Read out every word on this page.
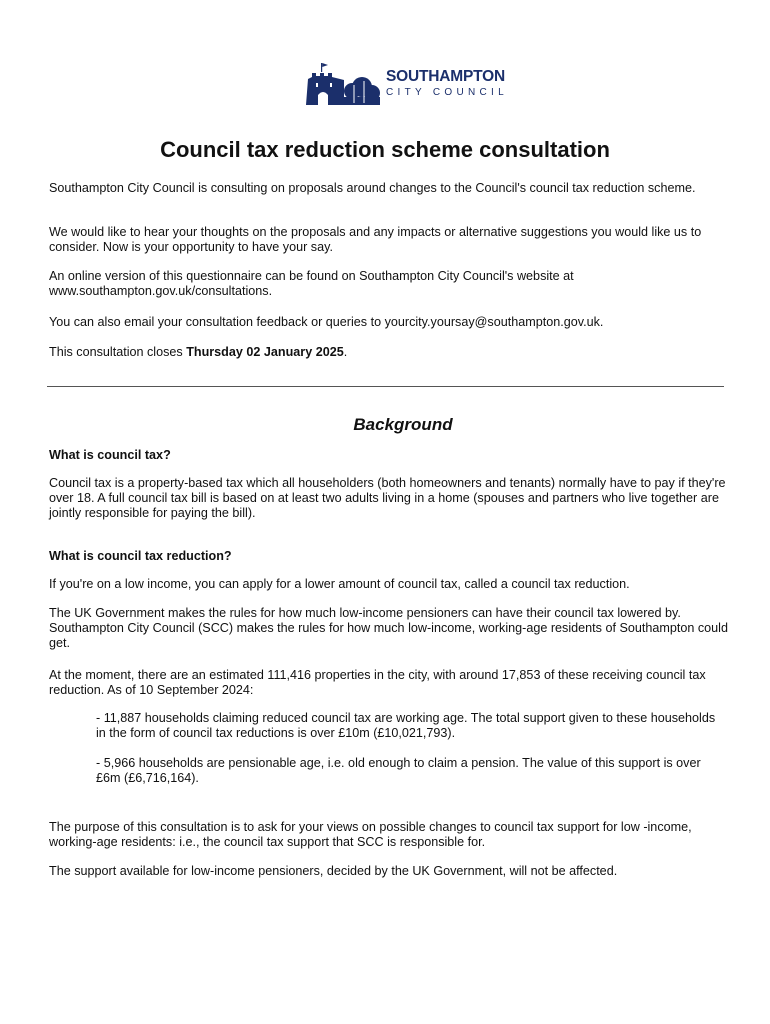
SOUTHAMPTON
CITY COUNCIL
Council tax reduction scheme consultation
Southampton City Council is consulting on proposals around changes to the Council's council tax reduction scheme.
We would like to hear your thoughts on the proposals and any impacts or alternative suggestions you would like us to consider. Now is your opportunity to have your say.
An online version of this questionnaire can be found on Southampton City Council's website at www.southampton.gov.uk/consultations.
You can also email your consultation feedback or queries to yourcity.yoursay@southampton.gov.uk.
This consultation closes Thursday 02 January 2025.
Background
What is council tax?
Council tax is a property-based tax which all householders (both homeowners and tenants) normally have to pay if they're over 18. A full council tax bill is based on at least two adults living in a home (spouses and partners who live together are jointly responsible for paying the bill).
What is council tax reduction?
If you're on a low income, you can apply for a lower amount of council tax, called a council tax reduction.
The UK Government makes the rules for how much low-income pensioners can have their council tax lowered by. Southampton City Council (SCC) makes the rules for how much low-income, working-age residents of Southampton could get.
At the moment, there are an estimated 111,416 properties in the city, with around 17,853 of these receiving council tax reduction. As of 10 September 2024:
- 11,887 households claiming reduced council tax are working age. The total support given to these households in the form of council tax reductions is over £10m (£10,021,793).
- 5,966 households are pensionable age, i.e. old enough to claim a pension. The value of this support is over £6m (£6,716,164).
The purpose of this consultation is to ask for your views on possible changes to council tax support for low -income, working-age residents: i.e., the council tax support that SCC is responsible for.
The support available for low-income pensioners, decided by the UK Government, will not be affected.
